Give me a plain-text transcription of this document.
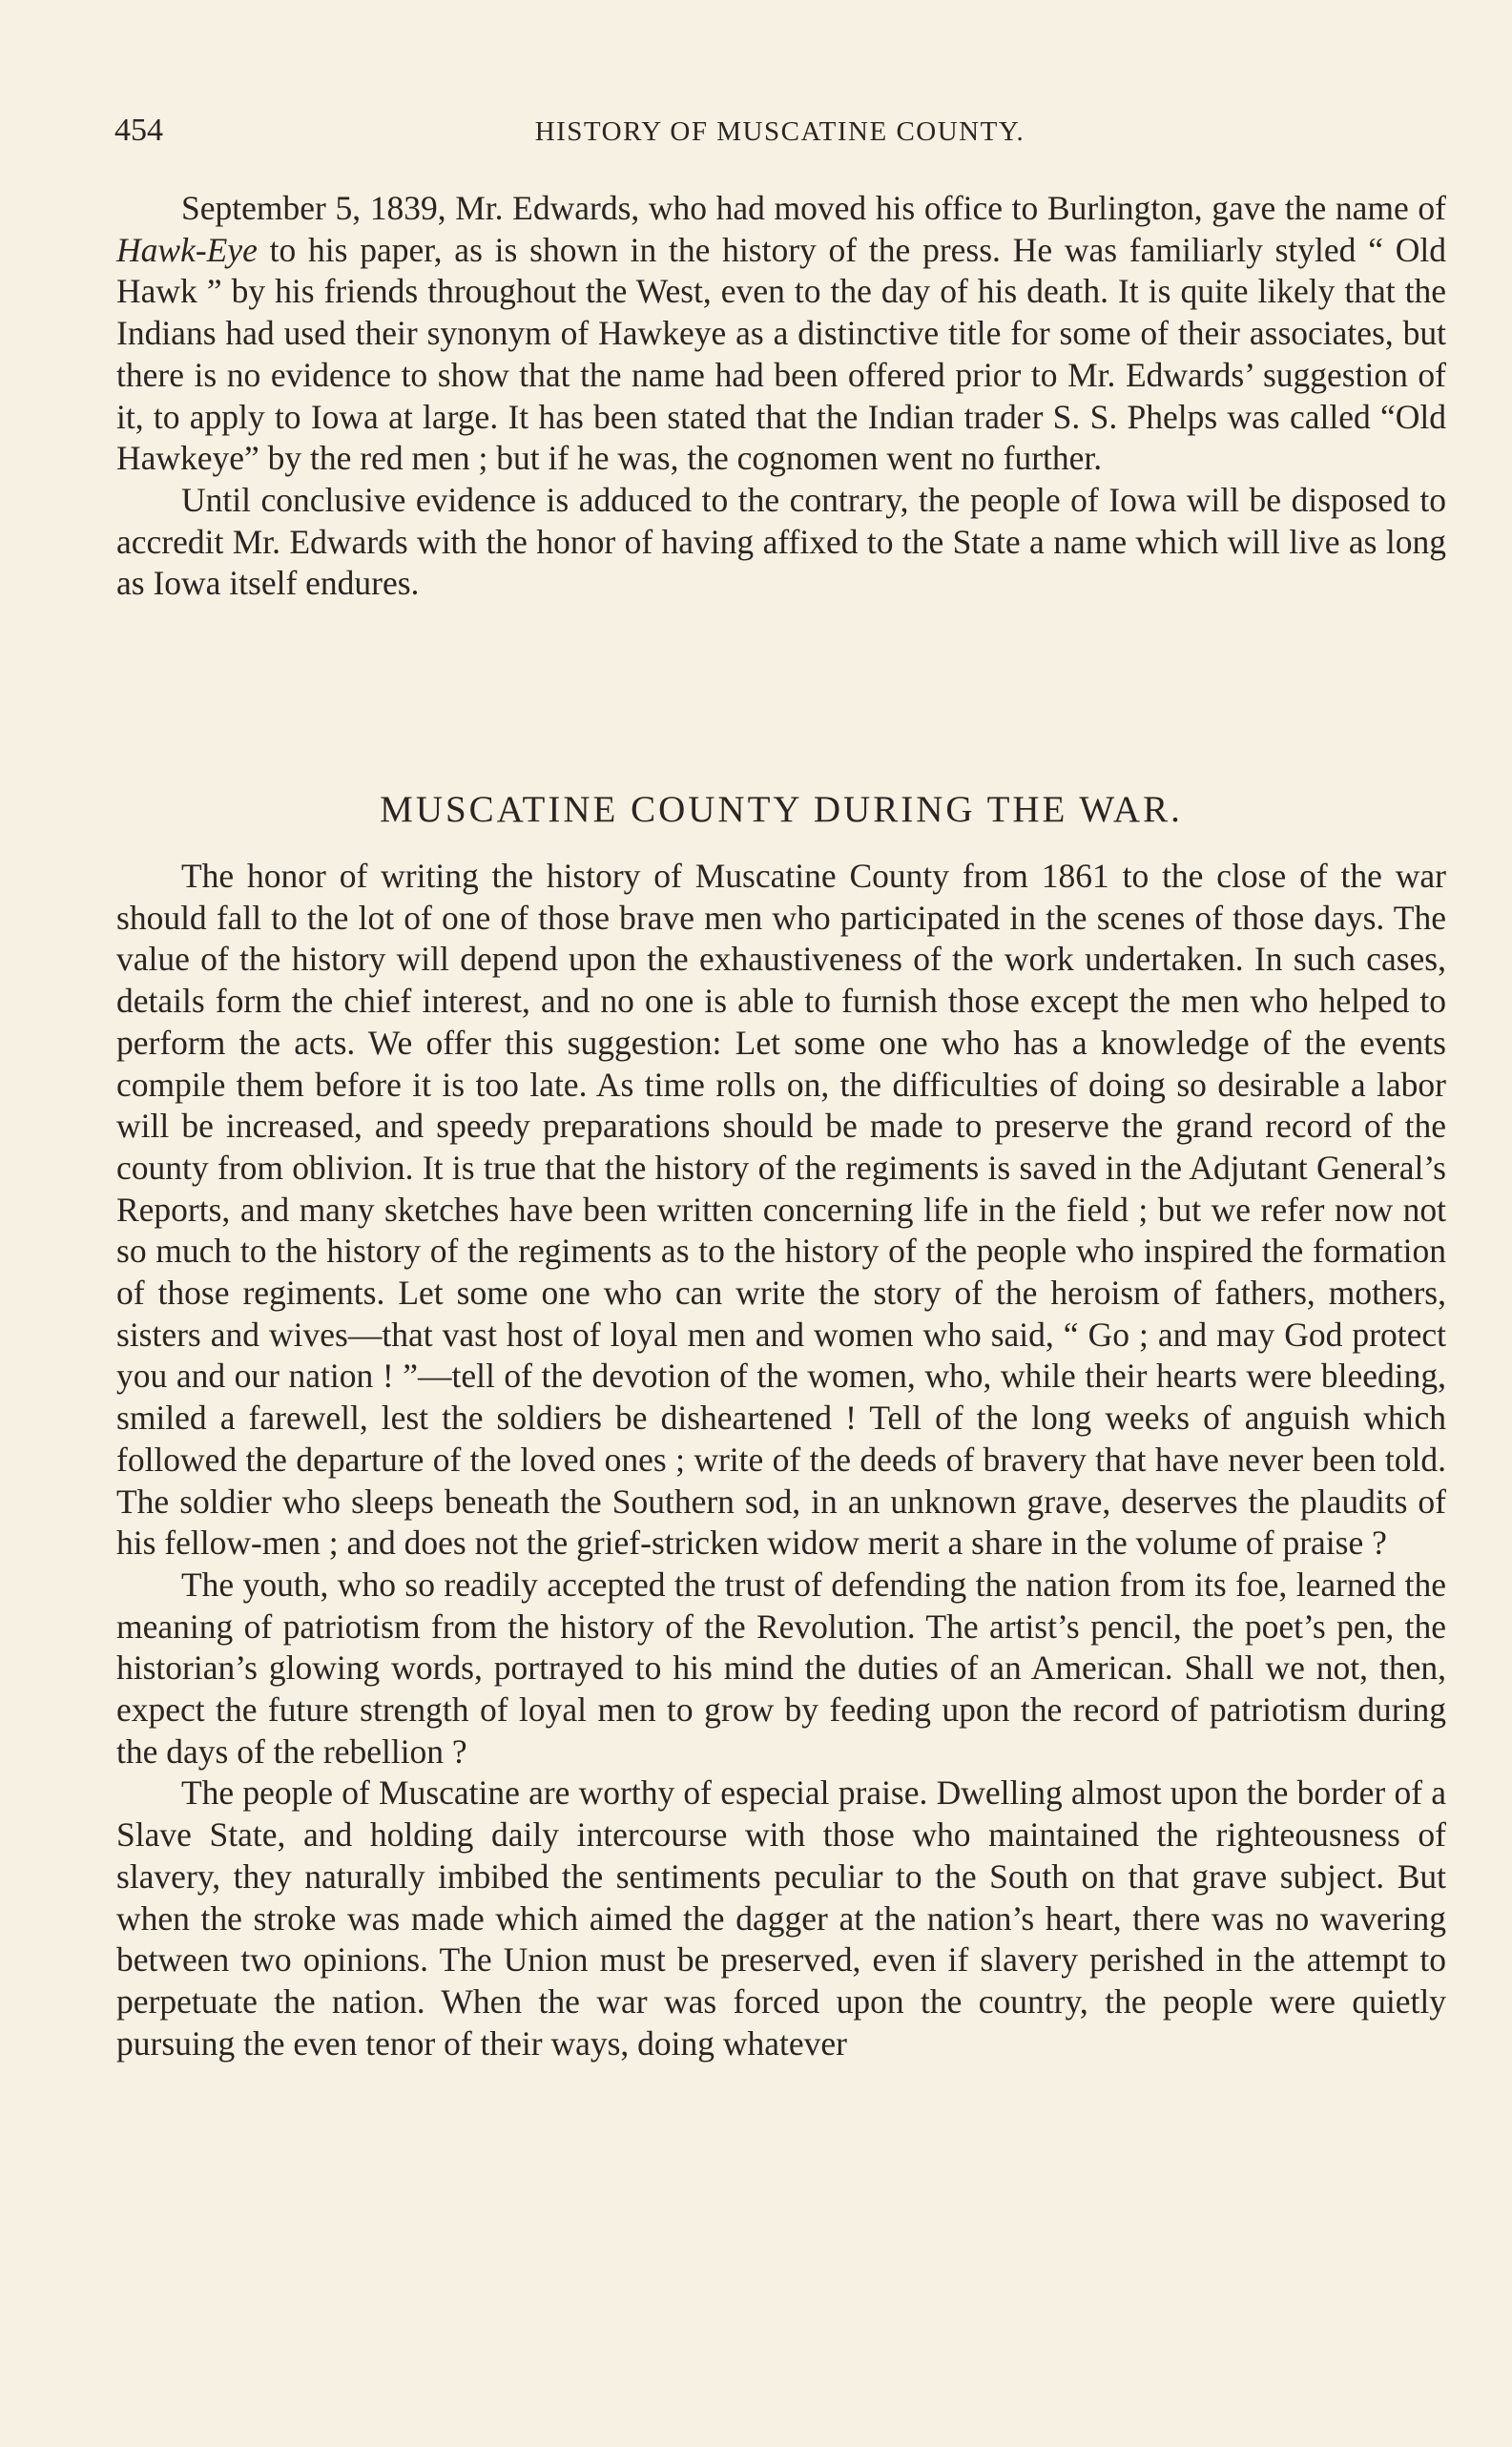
454	HISTORY OF MUSCATINE COUNTY.

September 5, 1839, Mr. Edwards, who had moved his office to Burlington, gave the name of Hawk-Eye to his paper, as is shown in the history of the press. He was familiarly styled “ Old Hawk ” by his friends throughout the West, even to the day of his death. It is quite likely that the Indians had used their synonym of Hawkeye as a distinctive title for some of their associates, but there is no evidence to show that the name had been offered prior to Mr. Edwards’ suggestion of it, to apply to Iowa at large. It has been stated that the Indian trader S. S. Phelps was called “Old Hawkeye” by the red men ; but if he was, the cognomen went no further.

Until conclusive evidence is adduced to the contrary, the people of Iowa will be disposed to accredit Mr. Edwards with the honor of having affixed to the State a name which will live as long as Iowa itself endures.

MUSCATINE COUNTY DURING THE WAR.

The honor of writing the history of Muscatine County from 1861 to the close of the war should fall to the lot of one of those brave men who participated in the scenes of those days. The value of the history will depend upon the exhaustiveness of the work undertaken. In such cases, details form the chief interest, and no one is able to furnish those except the men who helped to perform the acts. We offer this suggestion: Let some one who has a knowledge of the events compile them before it is too late. As time rolls on, the difficulties of doing so desirable a labor will be increased, and speedy preparations should be made to preserve the grand record of the county from oblivion. It is true that the history of the regiments is saved in the Adjutant General’s Reports, and many sketches have been written concerning life in the field ; but we refer now not so much to the history of the regiments as to the history of the people who inspired the formation of those regiments. Let some one who can write the story of the heroism of fathers, mothers, sisters and wives—that vast host of loyal men and women who said, “ Go ; and may God protect you and our nation ! ”—tell of the devotion of the women, who, while their hearts were bleeding, smiled a farewell, lest the soldiers be disheartened ! Tell of the long weeks of anguish which followed the departure of the loved ones ; write of the deeds of bravery that have never been told. The soldier who sleeps beneath the Southern sod, in an unknown grave, deserves the plaudits of his fellow-men ; and does not the grief-stricken widow merit a share in the volume of praise ?

The youth, who so readily accepted the trust of defending the nation from its foe, learned the meaning of patriotism from the history of the Revolution. The artist’s pencil, the poet’s pen, the historian’s glowing words, portrayed to his mind the duties of an American. Shall we not, then, expect the future strength of loyal men to grow by feeding upon the record of patriotism during the days of the rebellion ?

The people of Muscatine are worthy of especial praise. Dwelling almost upon the border of a Slave State, and holding daily intercourse with those who maintained the righteousness of slavery, they naturally imbibed the sentiments peculiar to the South on that grave subject. But when the stroke was made which aimed the dagger at the nation’s heart, there was no wavering between two opinions. The Union must be preserved, even if slavery perished in the attempt to perpetuate the nation. When the war was forced upon the country, the people were quietly pursuing the even tenor of their ways, doing whatever
